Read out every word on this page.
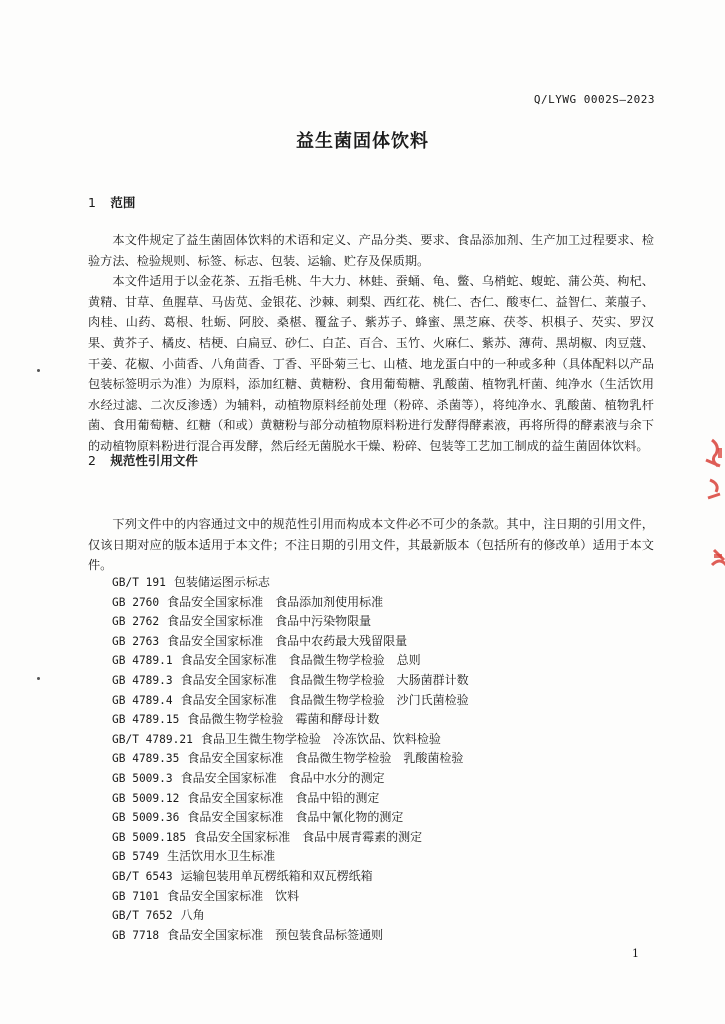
Q/LYWG 0002S—2023
益生菌固体饮料
1 范围

本文件规定了益生菌固体饮料的术语和定义、产品分类、要求、食品添加剂、生产加工过程要求、检验方法、检验规则、标签、标志、包装、运输、贮存及保质期。

本文件适用于以金花茶、五指毛桃、牛大力、林蛙、蚕蛹、龟、鳖、乌梢蛇、蝮蛇、蒲公英、枸杞、黄精、甘草、鱼腥草、马齿苋、金银花、沙棘、刺梨、西红花、桃仁、杏仁、酸枣仁、益智仁、莱菔子、肉桂、山药、葛根、牡蛎、阿胶、桑椹、覆盆子、紫苏子、蜂蜜、黑芝麻、茯苓、枳椇子、芡实、罗汉果、黄芥子、橘皮、桔梗、白扁豆、砂仁、白芷、百合、玉竹、火麻仁、紫苏、薄荷、黑胡椒、肉豆蔻、干姜、花椒、小茴香、八角茴香、丁香、平卧菊三七、山楂、地龙蛋白中的一种或多种（具体配料以产品包装标签明示为准）为原料，添加红糖、黄糖粉、食用葡萄糖、乳酸菌、植物乳杆菌、纯净水（生活饮用水经过滤、二次反渗透）为辅料，动植物原料经前处理（粉碎、杀菌等），将纯净水、乳酸菌、植物乳杆菌、食用葡萄糖、红糖（和或）黄糖粉与部分动植物原料粉进行发酵得酵素液，再将所得的酵素液与余下的动植物原料粉进行混合再发酵，然后经无菌脱水干燥、粉碎、包装等工艺加工制成的益生菌固体饮料。

2 规范性引用文件

下列文件中的内容通过文中的规范性引用而构成本文件必不可少的条款。其中，注日期的引用文件，仅该日期对应的版本适用于本文件；不注日期的引用文件，其最新版本（包括所有的修改单）适用于本文件。

GB/T 191 包装储运图示标志
GB 2760 食品安全国家标准　食品添加剂使用标准
GB 2762 食品安全国家标准　食品中污染物限量
GB 2763 食品安全国家标准　食品中农药最大残留限量
GB 4789.1 食品安全国家标准　食品微生物学检验　总则
GB 4789.3 食品安全国家标准　食品微生物学检验　大肠菌群计数
GB 4789.4 食品安全国家标准　食品微生物学检验　沙门氏菌检验
GB 4789.15 食品微生物学检验　霉菌和酵母计数
GB/T 4789.21 食品卫生微生物学检验　冷冻饮品、饮料检验
GB 4789.35 食品安全国家标准　食品微生物学检验　乳酸菌检验
GB 5009.3 食品安全国家标准　食品中水分的测定
GB 5009.12 食品安全国家标准　食品中铅的测定
GB 5009.36 食品安全国家标准　食品中氰化物的测定
GB 5009.185 食品安全国家标准　食品中展青霉素的测定
GB 5749 生活饮用水卫生标准
GB/T 6543 运输包装用单瓦楞纸箱和双瓦楞纸箱
GB 7101 食品安全国家标准　饮料
GB/T 7652 八角
GB 7718 食品安全国家标准　预包装食品标签通则
1
